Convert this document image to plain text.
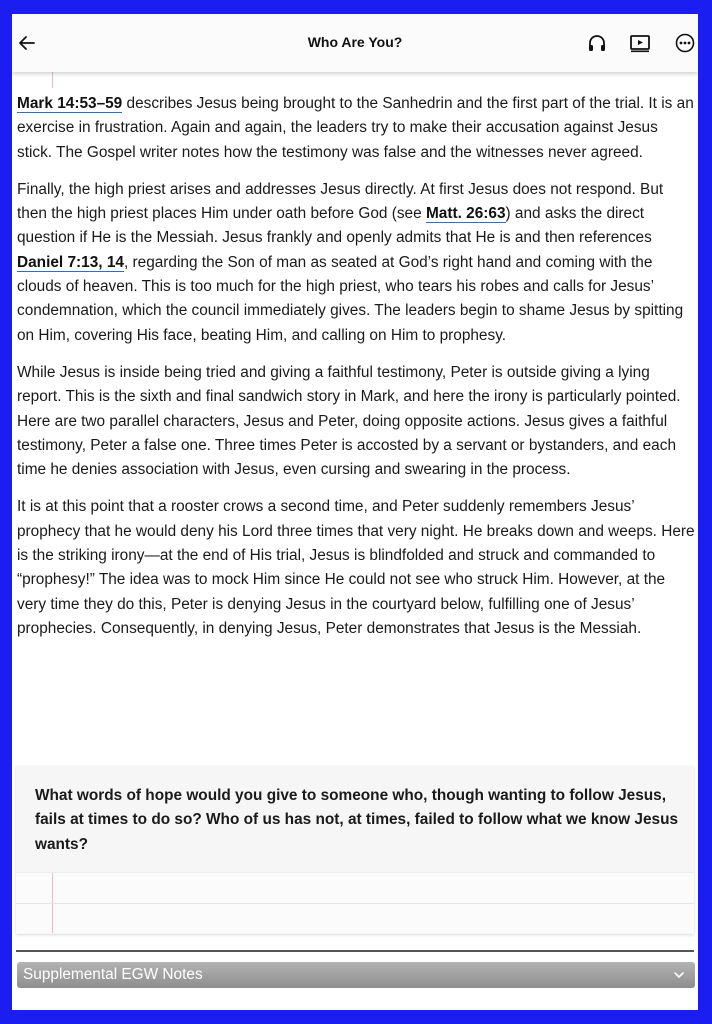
Who Are You?

Mark 14:53–59 describes Jesus being brought to the Sanhedrin and the first part of the trial. It is an exercise in frustration. Again and again, the leaders try to make their accusation against Jesus stick. The Gospel writer notes how the testimony was false and the witnesses never agreed.

Finally, the high priest arises and addresses Jesus directly. At first Jesus does not respond. But then the high priest places Him under oath before God (see Matt. 26:63) and asks the direct question if He is the Messiah. Jesus frankly and openly admits that He is and then references Daniel 7:13, 14, regarding the Son of man as seated at God’s right hand and coming with the clouds of heaven. This is too much for the high priest, who tears his robes and calls for Jesus’ condemnation, which the council immediately gives. The leaders begin to shame Jesus by spitting on Him, covering His face, beating Him, and calling on Him to prophesy.

While Jesus is inside being tried and giving a faithful testimony, Peter is outside giving a lying report. This is the sixth and final sandwich story in Mark, and here the irony is particularly pointed. Here are two parallel characters, Jesus and Peter, doing opposite actions. Jesus gives a faithful testimony, Peter a false one. Three times Peter is accosted by a servant or bystanders, and each time he denies association with Jesus, even cursing and swearing in the process.

It is at this point that a rooster crows a second time, and Peter suddenly remembers Jesus’ prophecy that he would deny his Lord three times that very night. He breaks down and weeps. Here is the striking irony—at the end of His trial, Jesus is blindfolded and struck and commanded to “prophesy!” The idea was to mock Him since He could not see who struck Him. However, at the very time they do this, Peter is denying Jesus in the courtyard below, fulfilling one of Jesus’ prophecies. Consequently, in denying Jesus, Peter demonstrates that Jesus is the Messiah.

What words of hope would you give to someone who, though wanting to follow Jesus, fails at times to do so? Who of us has not, at times, failed to follow what we know Jesus wants?
Supplemental EGW Notes
